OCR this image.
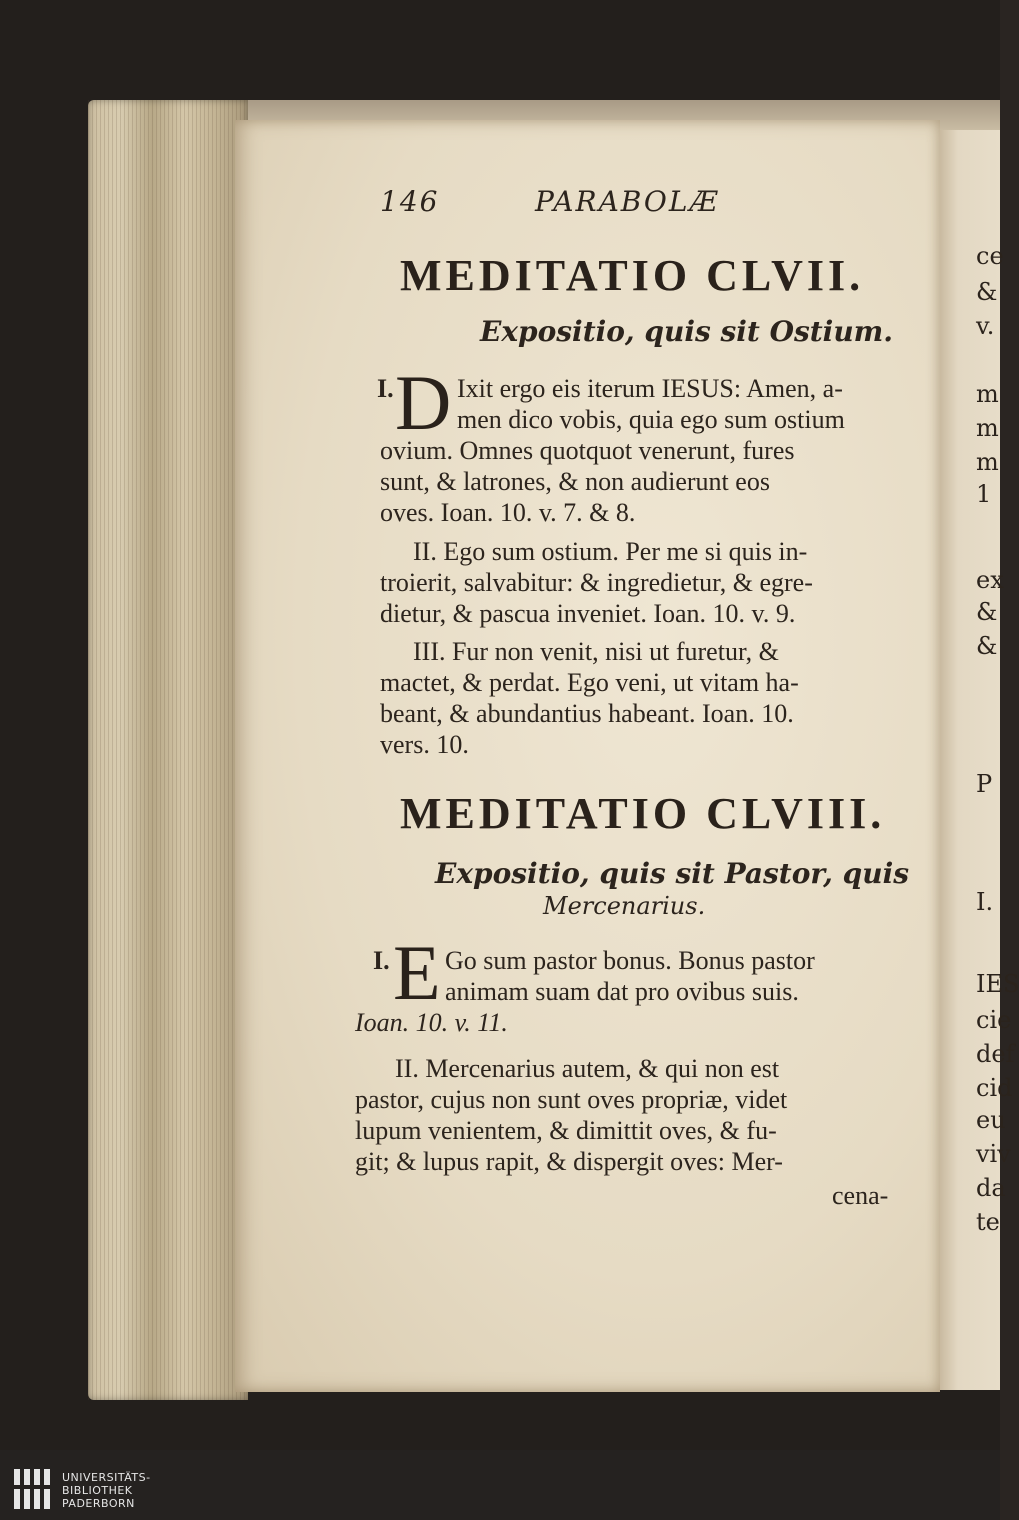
ce
&
v.
m
m
m
1
ex
&
&
P
I.
IES
cie
def
cid
eu
viv
da
te
146	PARABOLÆ
MEDITATIO CLVII.
Expositio, quis sit Ostium.
I. D Ixit ergo eis iterum IESUS: Amen, a-
men dico vobis, quia ego sum ostium
ovium. Omnes quotquot venerunt, fures
sunt, & latrones, & non audierunt eos
oves. Ioan. 10. v. 7. & 8.
II. Ego sum ostium. Per me si quis in-
troierit, salvabitur: & ingredietur, & egre-
dietur, & pascua inveniet. Ioan. 10. v. 9.
III. Fur non venit, nisi ut furetur, &
mactet, & perdat. Ego veni, ut vitam ha-
beant, & abundantius habeant. Ioan. 10.
vers. 10.
MEDITATIO CLVIII.
Expositio, quis sit Pastor, quis
Mercenarius.
I. E Go sum pastor bonus. Bonus pastor
animam suam dat pro ovibus suis.
Ioan. 10. v. 11.
II. Mercenarius autem, & qui non est
pastor, cujus non sunt oves propriæ, videt
lupum venientem, & dimittit oves, & fu-
git; & lupus rapit, & dispergit oves: Mer-
cena-
UNIVERSITÄTS-
BIBLIOTHEK
PADERBORN
